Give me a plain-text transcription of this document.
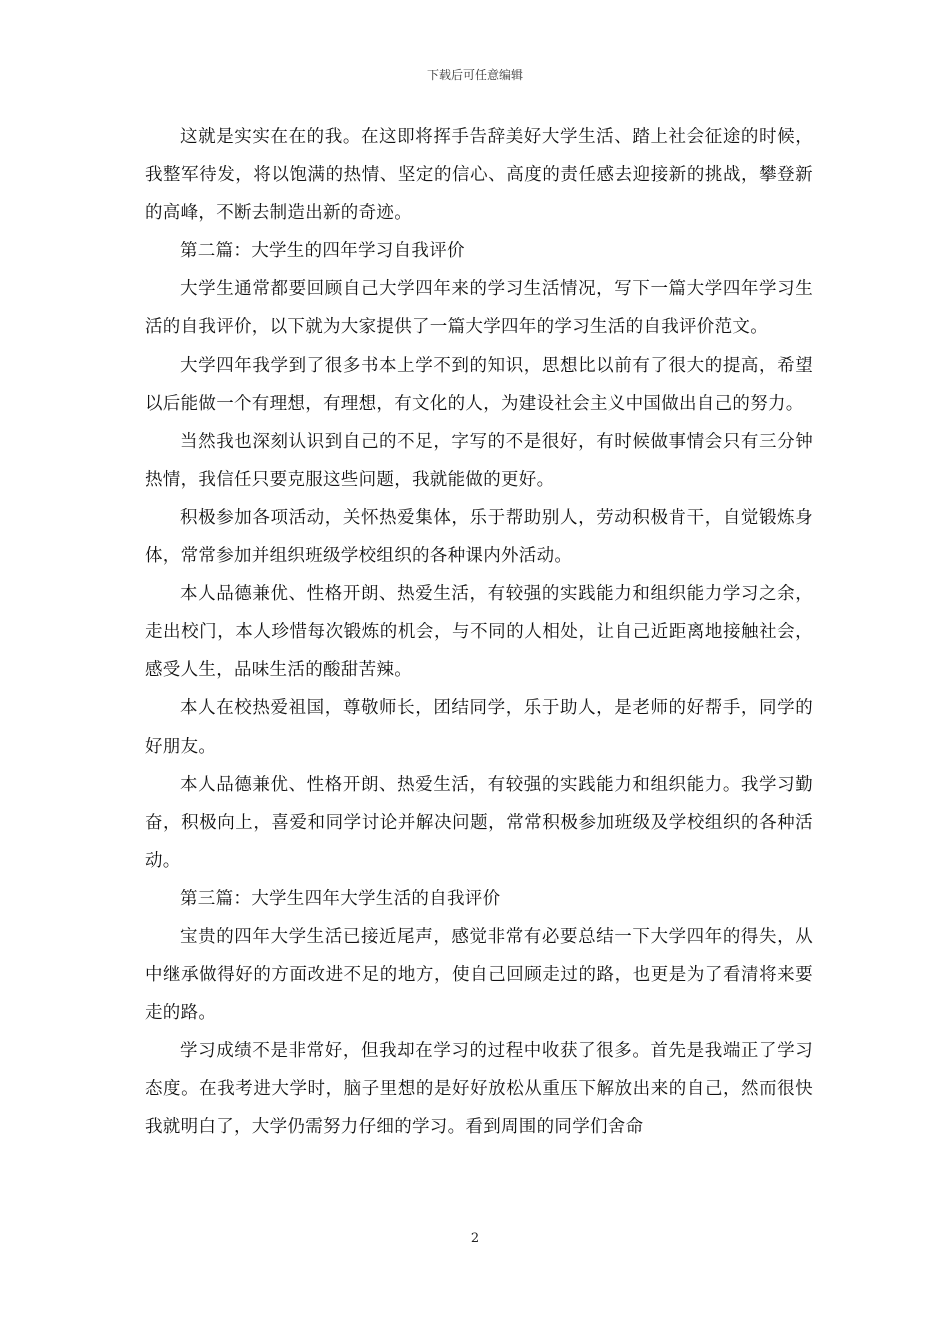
下载后可任意编辑

这就是实实在在的我。在这即将挥手告辞美好大学生活、踏上社会征途的时候，我整军待发，将以饱满的热情、坚定的信心、高度的责任感去迎接新的挑战，攀登新的高峰，不断去制造出新的奇迹。

第二篇：大学生的四年学习自我评价

大学生通常都要回顾自己大学四年来的学习生活情况，写下一篇大学四年学习生活的自我评价，以下就为大家提供了一篇大学四年的学习生活的自我评价范文。

大学四年我学到了很多书本上学不到的知识，思想比以前有了很大的提高，希望以后能做一个有理想，有理想，有文化的人，为建设社会主义中国做出自己的努力。

当然我也深刻认识到自己的不足，字写的不是很好，有时候做事情会只有三分钟热情，我信任只要克服这些问题，我就能做的更好。

积极参加各项活动，关怀热爱集体，乐于帮助别人，劳动积极肯干，自觉锻炼身体，常常参加并组织班级学校组织的各种课内外活动。

本人品德兼优、性格开朗、热爱生活，有较强的实践能力和组织能力学习之余，走出校门，本人珍惜每次锻炼的机会，与不同的人相处，让自己近距离地接触社会，感受人生，品味生活的酸甜苦辣。

本人在校热爱祖国，尊敬师长，团结同学，乐于助人，是老师的好帮手，同学的好朋友。

本人品德兼优、性格开朗、热爱生活，有较强的实践能力和组织能力。我学习勤奋，积极向上，喜爱和同学讨论并解决问题，常常积极参加班级及学校组织的各种活动。

第三篇：大学生四年大学生活的自我评价

宝贵的四年大学生活已接近尾声，感觉非常有必要总结一下大学四年的得失，从中继承做得好的方面改进不足的地方，使自己回顾走过的路，也更是为了看清将来要走的路。

学习成绩不是非常好，但我却在学习的过程中收获了很多。首先是我端正了学习态度。在我考进大学时，脑子里想的是好好放松从重压下解放出来的自己，然而很快我就明白了，大学仍需努力仔细的学习。看到周围的同学们舍命

2
